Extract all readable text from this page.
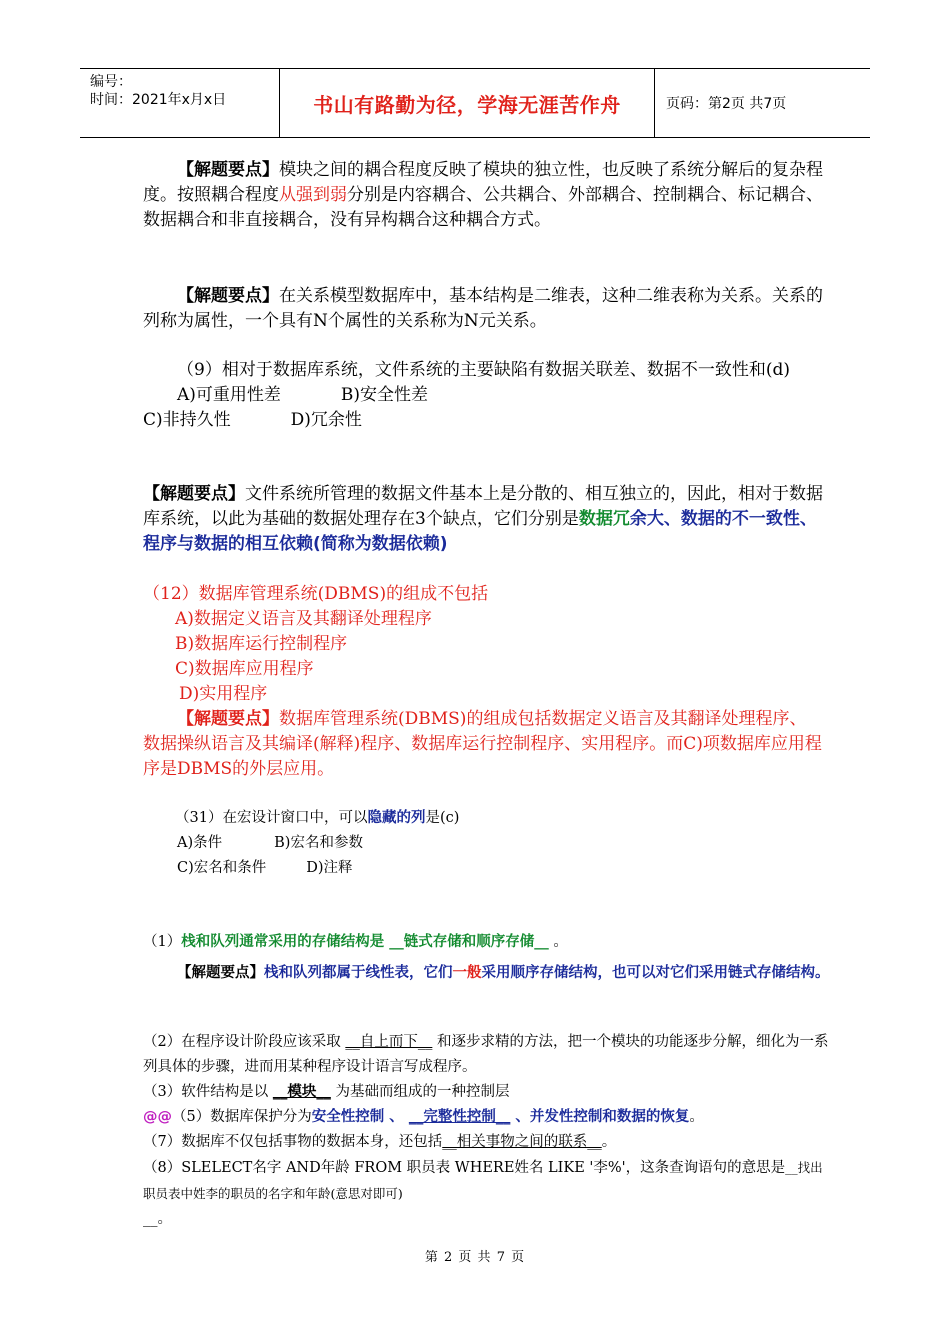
编号：
时间：2021年x月x日	书山有路勤为径，学海无涯苦作舟	页码：第2页 共7页

【解题要点】模块之间的耦合程度反映了模块的独立性，也反映了系统分解后的复杂程度。按照耦合程度从强到弱分别是内容耦合、公共耦合、外部耦合、控制耦合、标记耦合、数据耦合和非直接耦合，没有异构耦合这种耦合方式。

【解题要点】在关系模型数据库中，基本结构是二维表，这种二维表称为关系。关系的列称为属性，一个具有N个属性的关系称为N元关系。

（9）相对于数据库系统，文件系统的主要缺陷有数据关联差、数据不一致性和(d)

A)可重用性差	B)安全性差

C)非持久性	D)冗余性

【解题要点】文件系统所管理的数据文件基本上是分散的、相互独立的，因此，相对于数据库系统，以此为基础的数据处理存在3个缺点，它们分别是数据冗余大、数据的不一致性、程序与数据的相互依赖(简称为数据依赖)

（12）数据库管理系统(DBMS)的组成不包括

A)数据定义语言及其翻译处理程序

B)数据库运行控制程序

C)数据库应用程序

D)实用程序

【解题要点】数据库管理系统(DBMS)的组成包括数据定义语言及其翻译处理程序、数据操纵语言及其编译(解释)程序、数据库运行控制程序、实用程序。而C)项数据库应用程序是DBMS的外层应用。

（31）在宏设计窗口中，可以隐藏的列是(c)

A)条件	B)宏名和参数

C)宏名和条件	D)注释

（1）栈和队列通常采用的存储结构是 __链式存储和顺序存储__ 。

【解题要点】栈和队列都属于线性表，它们一般采用顺序存储结构，也可以对它们采用链式存储结构。

（2）在程序设计阶段应该采取 __自上而下__ 和逐步求精的方法，把一个模块的功能逐步分解，细化为一系列具体的步骤，进而用某种程序设计语言写成程序。

（3）软件结构是以 __模块__ 为基础而组成的一种控制层

@@（5）数据库保护分为安全性控制 、 __完整性控制__ 、并发性控制和数据的恢复。

（7）数据库不仅包括事物的数据本身，还包括__相关事物之间的联系__。

（8）SLELECT名字 AND年龄 FROM 职员表 WHERE姓名 LIKE '李%'，这条查询语句的意思是__找出职员表中姓李的职员的名字和年龄(意思对即可)

__。

第 2 页 共 7 页
